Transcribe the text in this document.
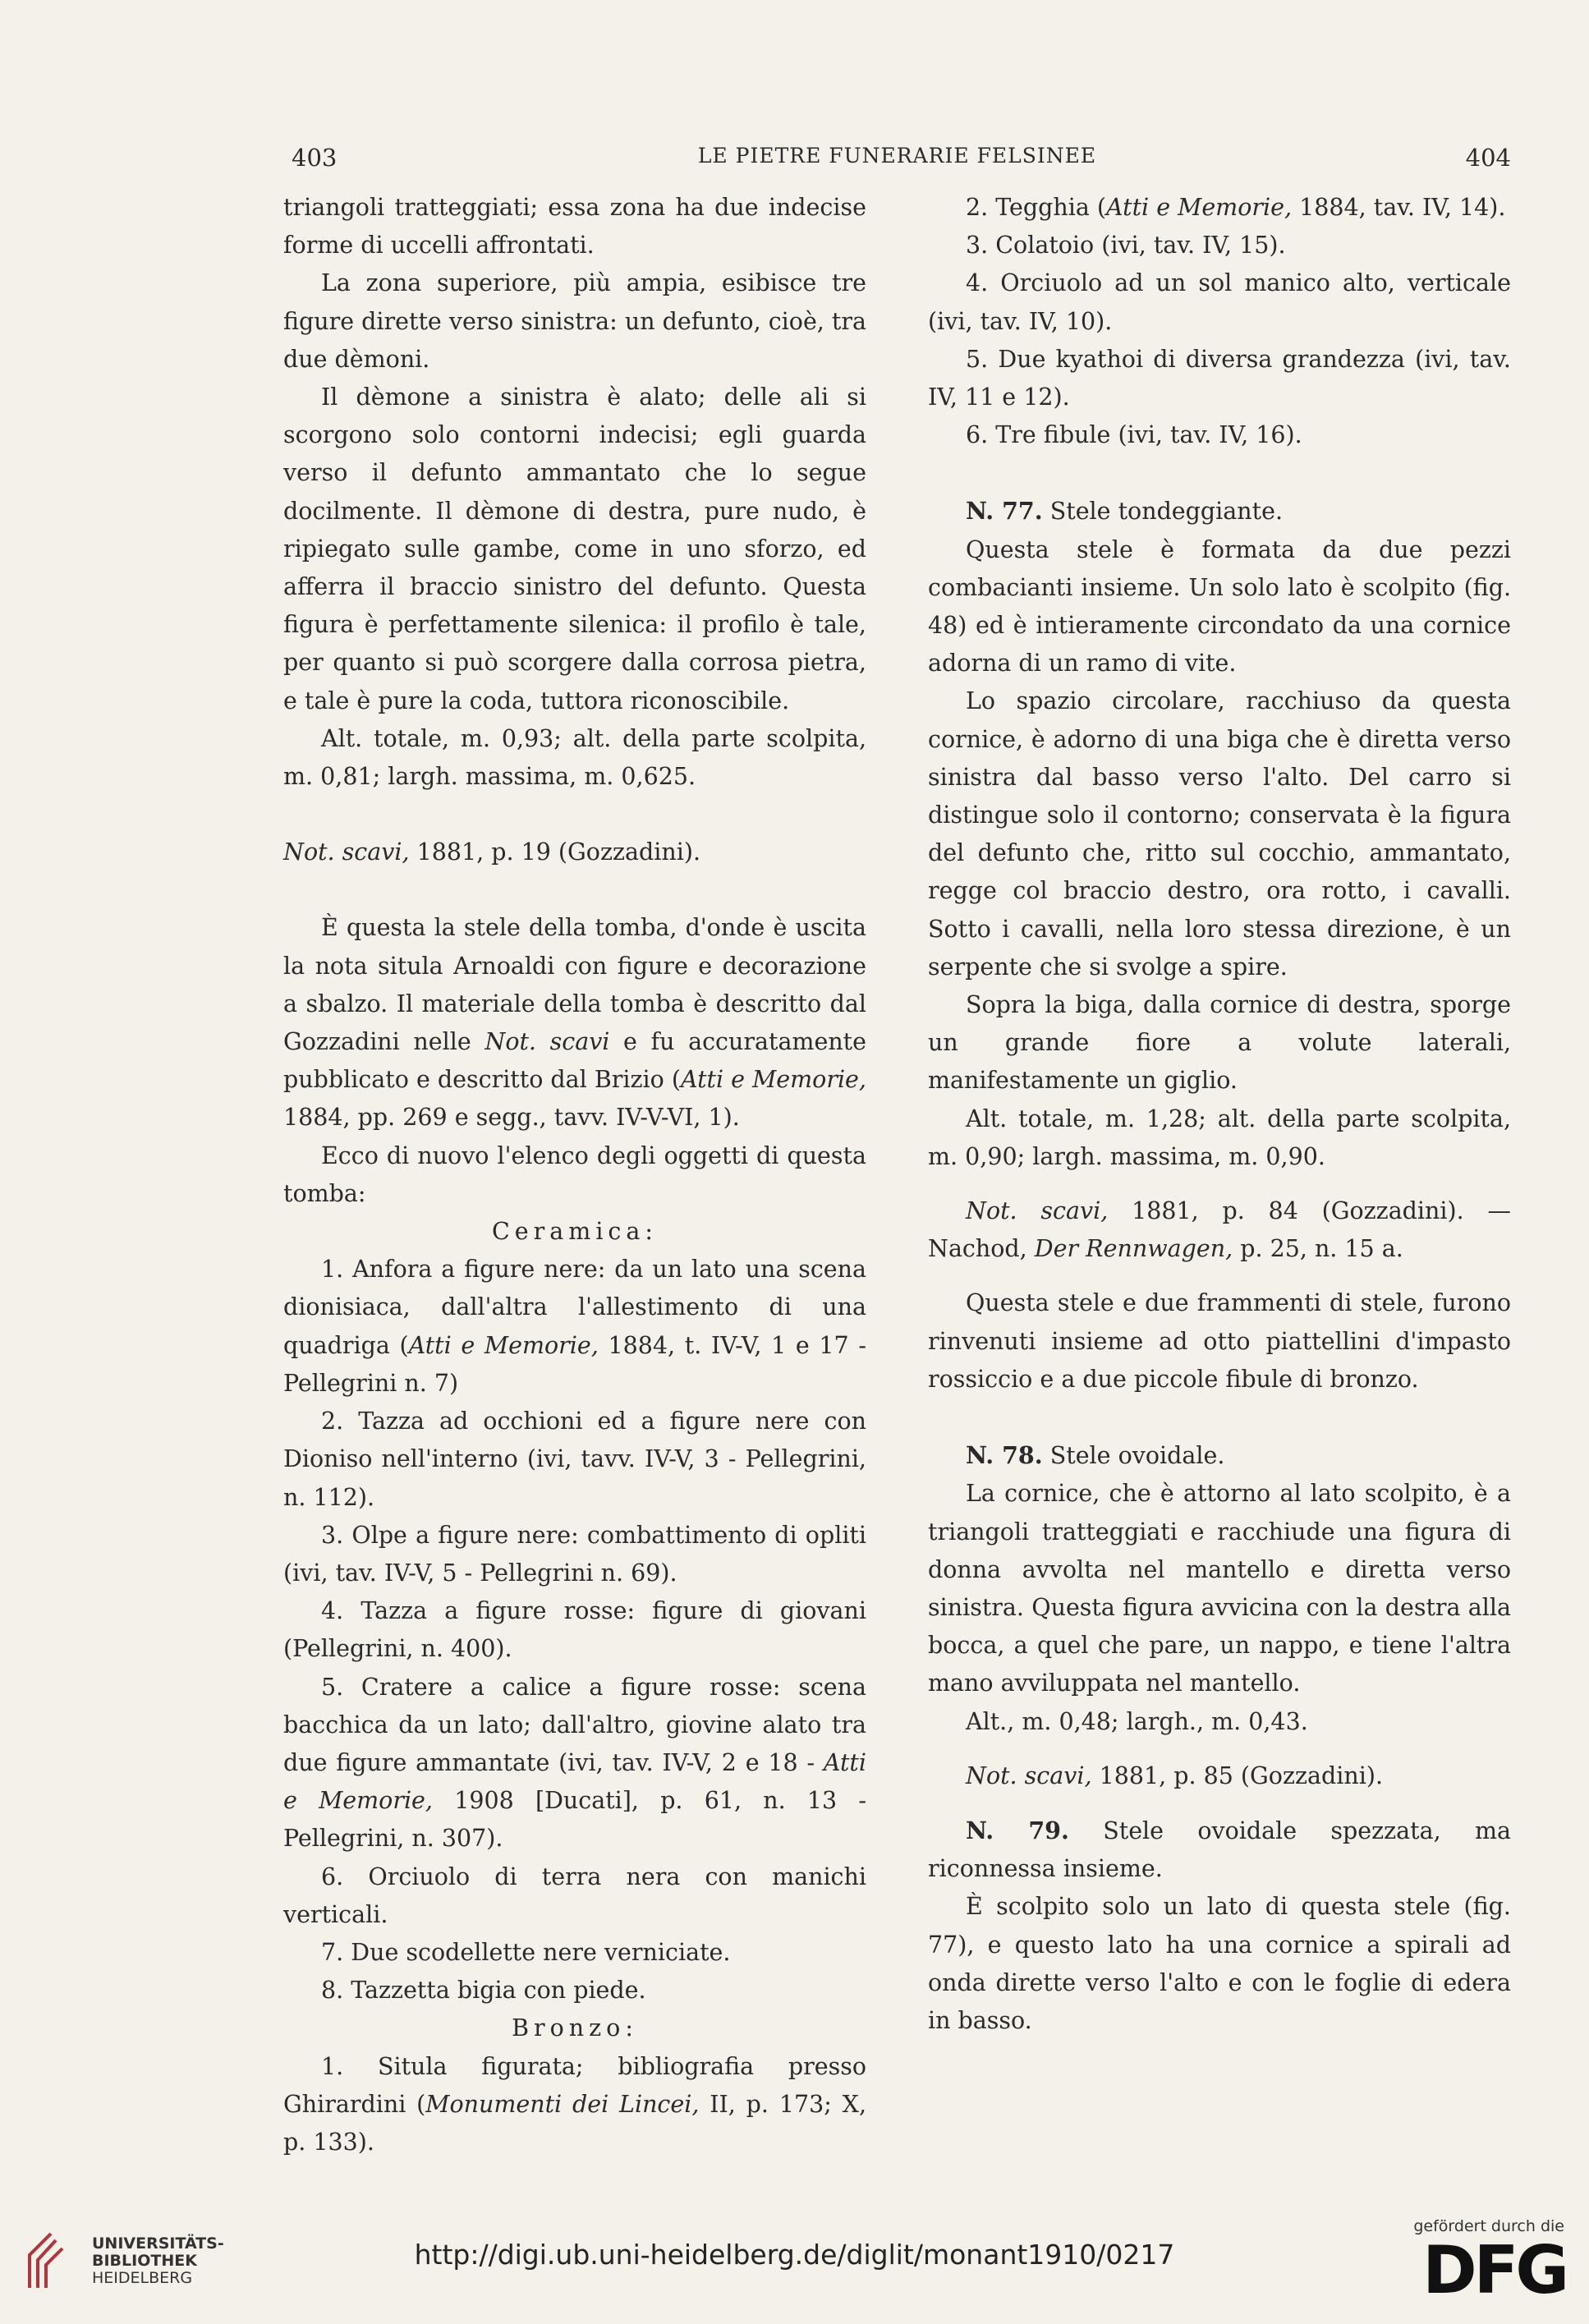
403	LE PIETRE FUNERARIE FELSINEE	404

triangoli tratteggiati; essa zona ha due indecise forme di uccelli affrontati.

La zona superiore, più ampia, esibisce tre figure dirette verso sinistra: un defunto, cioè, tra due dèmoni.

Il dèmone a sinistra è alato; delle ali si scorgono solo contorni indecisi; egli guarda verso il defunto ammantato che lo segue docilmente. Il dèmone di destra, pure nudo, è ripiegato sulle gambe, come in uno sforzo, ed afferra il braccio sinistro del defunto. Questa figura è perfettamente silenica: il profilo è tale, per quanto si può scorgere dalla corrosa pietra, e tale è pure la coda, tuttora riconoscibile.

Alt. totale, m. 0,93; alt. della parte scolpita, m. 0,81; largh. massima, m. 0,625.

Not. scavi, 1881, p. 19 (Gozzadini).

È questa la stele della tomba, d'onde è uscita la nota situla Arnoaldi con figure e decorazione a sbalzo. Il materiale della tomba è descritto dal Gozzadini nelle Not. scavi e fu accuratamente pubblicato e descritto dal Brizio (Atti e Memorie, 1884, pp. 269 e segg., tavv. IV-V-VI, 1).

Ecco di nuovo l'elenco degli oggetti di questa tomba:

Ceramica:

1. Anfora a figure nere: da un lato una scena dionisiaca, dall'altra l'allestimento di una quadriga (Atti e Memorie, 1884, t. IV-V, 1 e 17 - Pellegrini n. 7)

2. Tazza ad occhioni ed a figure nere con Dioniso nell'interno (ivi, tavv. IV-V, 3 - Pellegrini, n. 112).

3. Olpe a figure nere: combattimento di opliti (ivi, tav. IV-V, 5 - Pellegrini n. 69).

4. Tazza a figure rosse: figure di giovani (Pellegrini, n. 400).

5. Cratere a calice a figure rosse: scena bacchica da un lato; dall'altro, giovine alato tra due figure ammantate (ivi, tav. IV-V, 2 e 18 - Atti e Memorie, 1908 [Ducati], p. 61, n. 13 - Pellegrini, n. 307).

6. Orciuolo di terra nera con manichi verticali.

7. Due scodellette nere verniciate.

8. Tazzetta bigia con piede.

Bronzo:

1. Situla figurata; bibliografia presso Ghirardini (Monumenti dei Lincei, II, p. 173; X, p. 133).

2. Tegghia (Atti e Memorie, 1884, tav. IV, 14).

3. Colatoio (ivi, tav. IV, 15).

4. Orciuolo ad un sol manico alto, verticale (ivi, tav. IV, 10).

5. Due kyathoi di diversa grandezza (ivi, tav. IV, 11 e 12).

6. Tre fibule (ivi, tav. IV, 16).

N. 77. Stele tondeggiante.

Questa stele è formata da due pezzi combacianti insieme. Un solo lato è scolpito (fig. 48) ed è intieramente circondato da una cornice adorna di un ramo di vite.

Lo spazio circolare, racchiuso da questa cornice, è adorno di una biga che è diretta verso sinistra dal basso verso l'alto. Del carro si distingue solo il contorno; conservata è la figura del defunto che, ritto sul cocchio, ammantato, regge col braccio destro, ora rotto, i cavalli. Sotto i cavalli, nella loro stessa direzione, è un serpente che si svolge a spire.

Sopra la biga, dalla cornice di destra, sporge un grande fiore a volute laterali, manifestamente un giglio.

Alt. totale, m. 1,28; alt. della parte scolpita, m. 0,90; largh. massima, m. 0,90.

Not. scavi, 1881, p. 84 (Gozzadini). — Nachod, Der Rennwagen, p. 25, n. 15 a.

Questa stele e due frammenti di stele, furono rinvenuti insieme ad otto piattellini d'impasto rossiccio e a due piccole fibule di bronzo.

N. 78. Stele ovoidale.

La cornice, che è attorno al lato scolpito, è a triangoli tratteggiati e racchiude una figura di donna avvolta nel mantello e diretta verso sinistra. Questa figura avvicina con la destra alla bocca, a quel che pare, un nappo, e tiene l'altra mano avviluppata nel mantello.

Alt., m. 0,48; largh., m. 0,43.

Not. scavi, 1881, p. 85 (Gozzadini).

N. 79. Stele ovoidale spezzata, ma riconnessa insieme.

È scolpito solo un lato di questa stele (fig. 77), e questo lato ha una cornice a spirali ad onda dirette verso l'alto e con le foglie di edera in basso.

UNIVERSITÄTS-
BIBLIOTHEK
HEIDELBERG
http://digi.ub.uni-heidelberg.de/diglit/monant1910/0217
gefördert durch die
DFG
